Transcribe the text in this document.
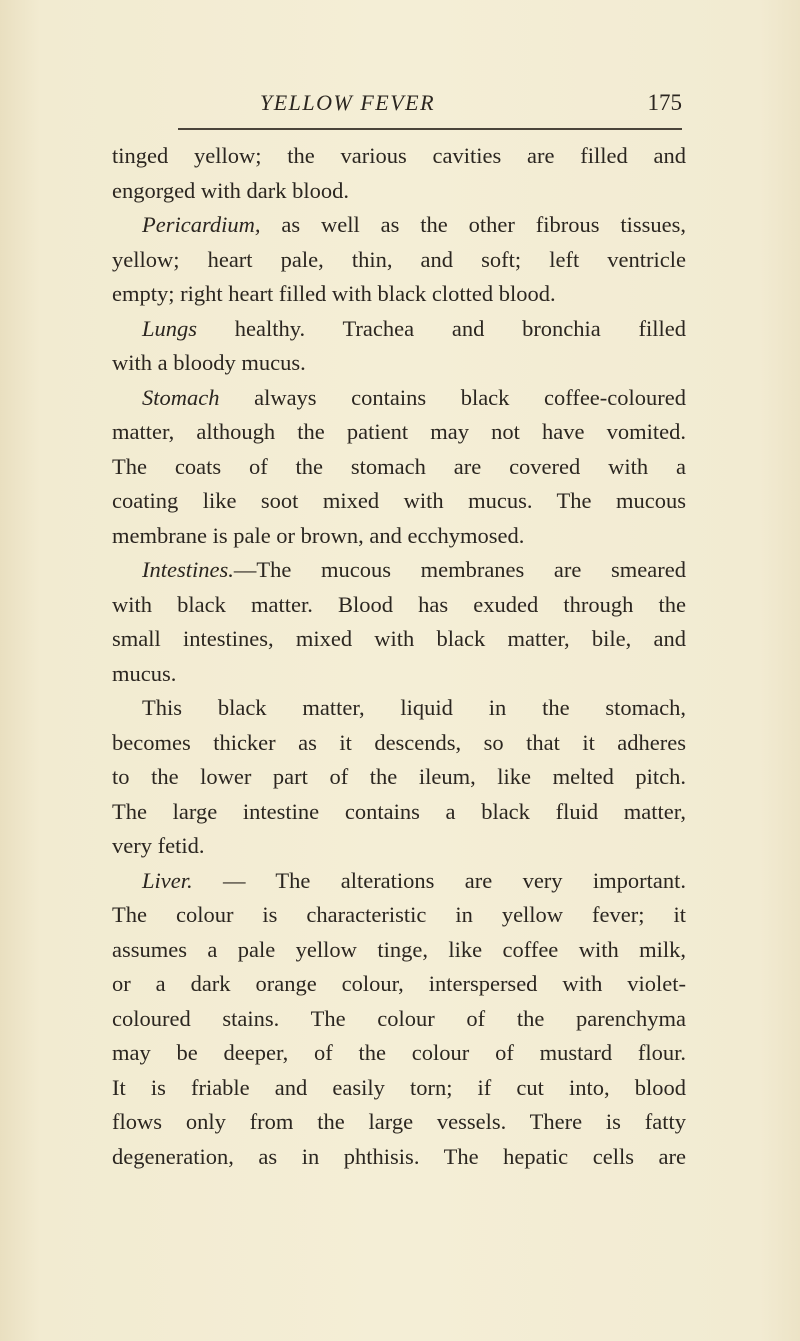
YELLOW FEVER	175
tinged yellow; the various cavities are filled and
engorged with dark blood.
Pericardium, as well as the other fibrous tissues,
yellow; heart pale, thin, and soft; left ventricle
empty; right heart filled with black clotted blood.
Lungs healthy. Trachea and bronchia filled
with a bloody mucus.
Stomach always contains black coffee-coloured
matter, although the patient may not have vomited.
The coats of the stomach are covered with a
coating like soot mixed with mucus. The mucous
membrane is pale or brown, and ecchymosed.
Intestines.—The mucous membranes are smeared
with black matter. Blood has exuded through the
small intestines, mixed with black matter, bile, and
mucus.
This black matter, liquid in the stomach,
becomes thicker as it descends, so that it adheres
to the lower part of the ileum, like melted pitch.
The large intestine contains a black fluid matter,
very fetid.
Liver. — The alterations are very important.
The colour is characteristic in yellow fever; it
assumes a pale yellow tinge, like coffee with milk,
or a dark orange colour, interspersed with violet-
coloured stains. The colour of the parenchyma
may be deeper, of the colour of mustard flour.
It is friable and easily torn; if cut into, blood
flows only from the large vessels. There is fatty
degeneration, as in phthisis. The hepatic cells are
